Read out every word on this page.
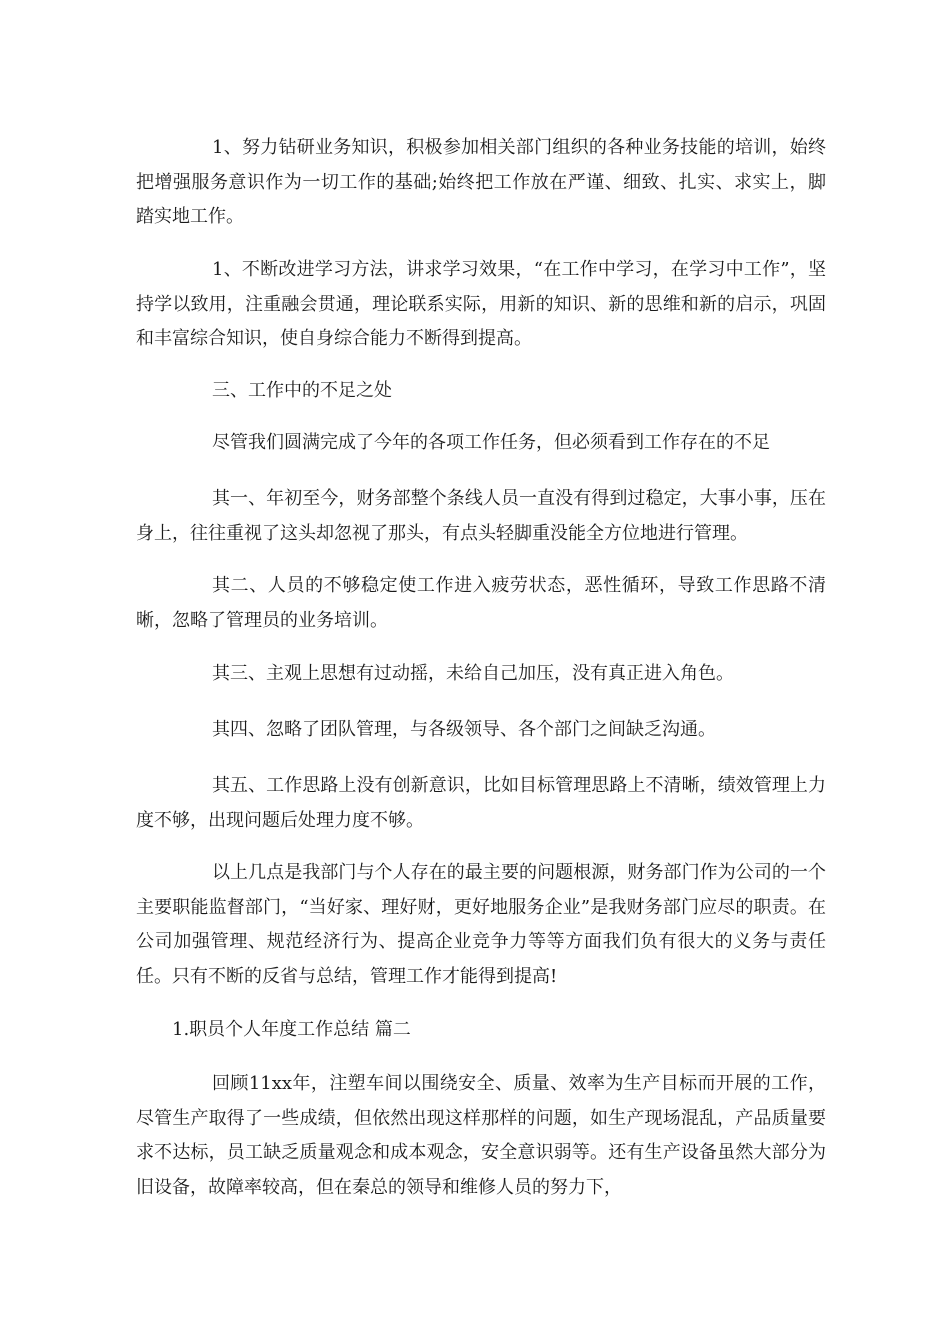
1、努力钻研业务知识，积极参加相关部门组织的各种业务技能的培训，始终把增强服务意识作为一切工作的基础;始终把工作放在严谨、细致、扎实、求实上，脚踏实地工作。

1、不断改进学习方法，讲求学习效果，“在工作中学习，在学习中工作”，坚持学以致用，注重融会贯通，理论联系实际，用新的知识、新的思维和新的启示，巩固和丰富综合知识，使自身综合能力不断得到提高。

三、工作中的不足之处

尽管我们圆满完成了今年的各项工作任务，但必须看到工作存在的不足

其一、年初至今，财务部整个条线人员一直没有得到过稳定，大事小事，压在身上，往往重视了这头却忽视了那头，有点头轻脚重没能全方位地进行管理。

其二、人员的不够稳定使工作进入疲劳状态，恶性循环，导致工作思路不清晰，忽略了管理员的业务培训。

其三、主观上思想有过动摇，未给自己加压，没有真正进入角色。

其四、忽略了团队管理，与各级领导、各个部门之间缺乏沟通。

其五、工作思路上没有创新意识，比如目标管理思路上不清晰，绩效管理上力度不够，出现问题后处理力度不够。

以上几点是我部门与个人存在的最主要的问题根源，财务部门作为公司的一个主要职能监督部门，“当好家、理好财，更好地服务企业”是我财务部门应尽的职责。在公司加强管理、规范经济行为、提高企业竞争力等等方面我们负有很大的义务与责任任。只有不断的反省与总结，管理工作才能得到提高!

1.职员个人年度工作总结 篇二

回顾11xx年，注塑车间以围绕安全、质量、效率为生产目标而开展的工作，尽管生产取得了一些成绩，但依然出现这样那样的问题，如生产现场混乱，产品质量要求不达标，员工缺乏质量观念和成本观念，安全意识弱等。还有生产设备虽然大部分为旧设备，故障率较高，但在秦总的领导和维修人员的努力下，
